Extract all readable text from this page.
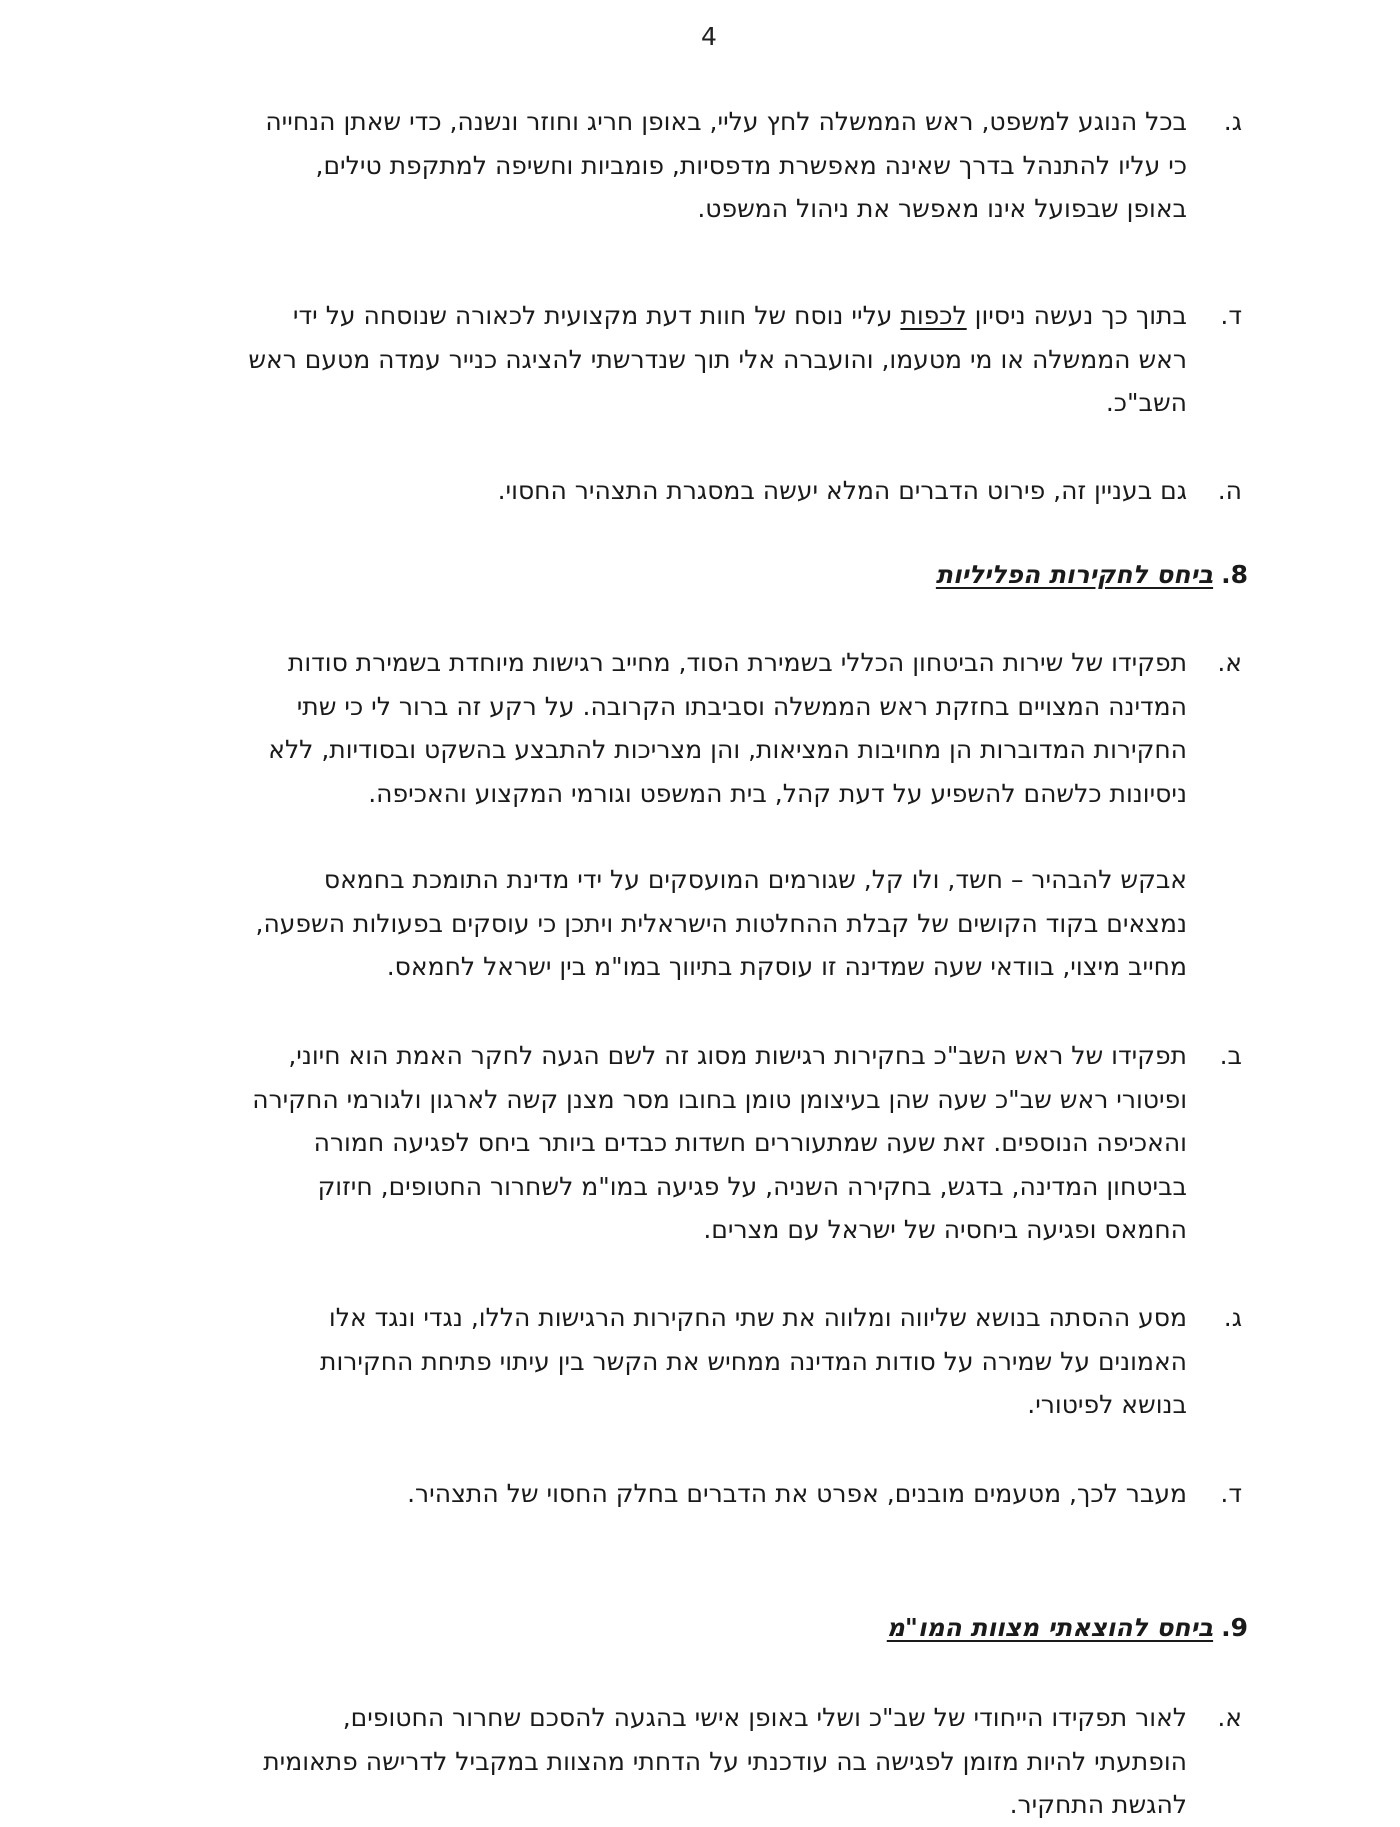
4
ג.
בכל הנוגע למשפט, ראש הממשלה לחץ עליי, באופן חריג וחוזר ונשנה, כדי שאתן הנחייה
כי עליו להתנהל בדרך שאינה מאפשרת מדפסיות, פומביות וחשיפה למתקפת טילים,
באופן שבפועל אינו מאפשר את ניהול המשפט.
ד.
בתוך כך נעשה ניסיון לכפות עליי נוסח של חוות דעת מקצועית לכאורה שנוסחה על ידי
ראש הממשלה או מי מטעמו, והועברה אלי תוך שנדרשתי להציגה כנייר עמדה מטעם ראש
השב"כ.
ה.
גם בעניין זה, פירוט הדברים המלא יעשה במסגרת התצהיר החסוי.
8.ביחס לחקירות הפליליות
א.
תפקידו של שירות הביטחון הכללי בשמירת הסוד, מחייב רגישות מיוחדת בשמירת סודות
המדינה המצויים בחזקת ראש הממשלה וסביבתו הקרובה. על רקע זה ברור לי כי שתי
החקירות המדוברות הן מחויבות המציאות, והן מצריכות להתבצע בהשקט ובסודיות, ללא
ניסיונות כלשהם להשפיע על דעת קהל, בית המשפט וגורמי המקצוע והאכיפה.
אבקש להבהיר – חשד, ולו קל, שגורמים המועסקים על ידי מדינת התומכת בחמאס
נמצאים בקוד הקושים של קבלת ההחלטות הישראלית ויתכן כי עוסקים בפעולות השפעה,
מחייב מיצוי, בוודאי שעה שמדינה זו עוסקת בתיווך במו"מ בין ישראל לחמאס.
ב.
תפקידו של ראש השב"כ בחקירות רגישות מסוג זה לשם הגעה לחקר האמת הוא חיוני,
ופיטורי ראש שב"כ שעה שהן בעיצומן טומן בחובו מסר מצנן קשה לארגון ולגורמי החקירה
והאכיפה הנוספים. זאת שעה שמתעוררים חשדות כבדים ביותר ביחס לפגיעה חמורה
בביטחון המדינה, בדגש, בחקירה השניה, על פגיעה במו"מ לשחרור החטופים, חיזוק
החמאס ופגיעה ביחסיה של ישראל עם מצרים.
ג.
מסע ההסתה בנושא שליווה ומלווה את שתי החקירות הרגישות הללו, נגדי ונגד אלו
האמונים על שמירה על סודות המדינה ממחיש את הקשר בין עיתוי פתיחת החקירות
בנושא לפיטורי.
ד.
מעבר לכך, מטעמים מובנים, אפרט את הדברים בחלק החסוי של התצהיר.
9.ביחס להוצאתי מצוות המו"מ
א.
לאור תפקידו הייחודי של שב"כ ושלי באופן אישי בהגעה להסכם שחרור החטופים,
הופתעתי להיות מזומן לפגישה בה עודכנתי על הדחתי מהצוות במקביל לדרישה פתאומית
להגשת התחקיר.
